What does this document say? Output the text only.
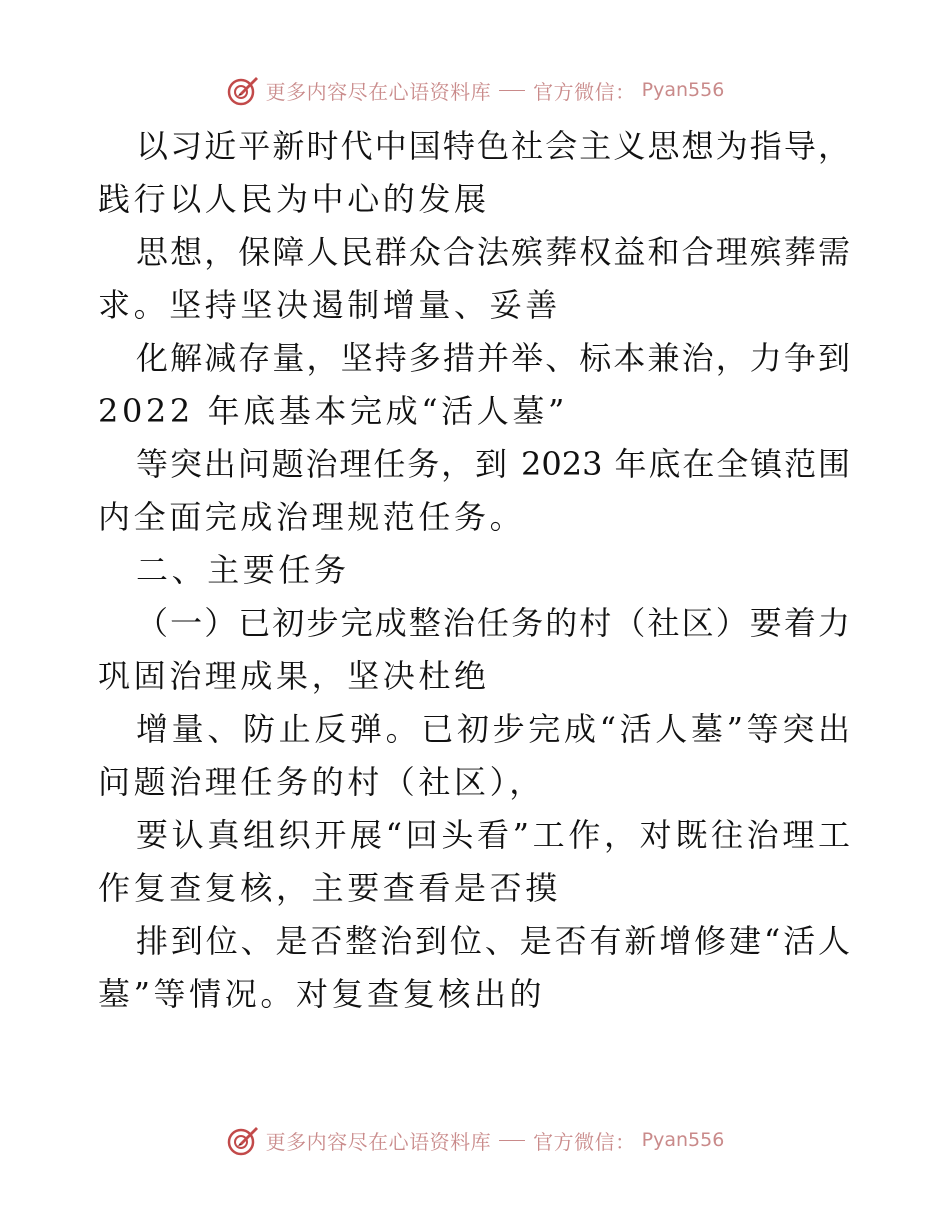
更多内容尽在心语资料库 官方微信： Pyan556
以习近平新时代中国特色社会主义思想为指导，
践行以人民为中心的发展
思想，保障人民群众合法殡葬权益和合理殡葬需
求。坚持坚决遏制增量、妥善
化解减存量，坚持多措并举、标本兼治，力争到
2022 年底基本完成“活人墓”
等突出问题治理任务，到 2023 年底在全镇范围
内全面完成治理规范任务。
二、主要任务
（一）已初步完成整治任务的村（社区）要着力
巩固治理成果，坚决杜绝
增量、防止反弹。已初步完成“活人墓”等突出
问题治理任务的村（社区），
要认真组织开展“回头看”工作，对既往治理工
作复查复核，主要查看是否摸
排到位、是否整治到位、是否有新增修建“活人
墓”等情况。对复查复核出的
更多内容尽在心语资料库 官方微信： Pyan556
